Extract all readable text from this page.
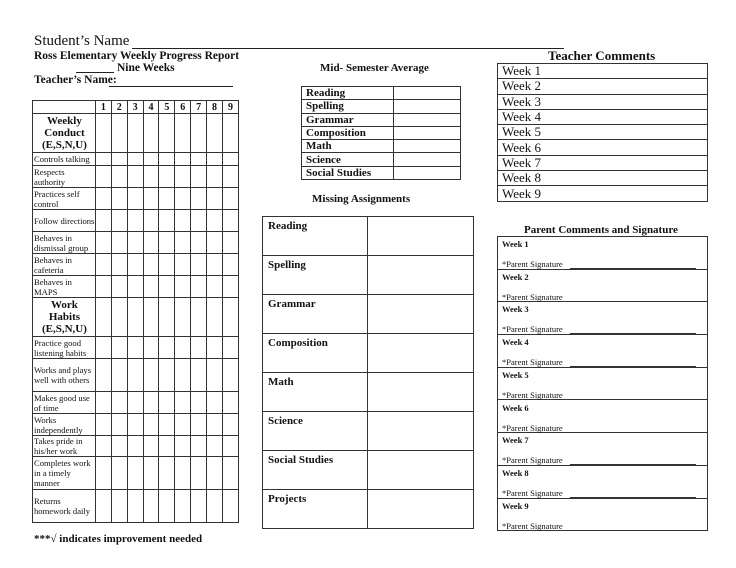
Student’s Name
Ross Elementary Weekly Progress Report
Nine Weeks
Teacher’s Name:
	1	2	3	4	5	6	7	8	9

Weekly
Conduct
(E,S,N,U)									

Controls talking									
Respects authority									
Practices self control									
Follow directions									
Behaves in dismissal group									
Behaves in cafeteria									
Behaves in MAPS									

Work
Habits
(E,S,N,U)									

Practice good listening habits									
Works and plays well with others									
Makes good use of time									
Works independently									
Takes pride in his/her work									
Completes work in a timely manner									
Returns homework daily									
***√ indicates improvement needed
Mid- Semester Average
Reading	
Spelling	
Grammar	
Composition	
Math	
Science	
Social Studies	
Missing Assignments
Reading	
Spelling	
Grammar	
Composition	
Math	
Science	
Social Studies	
Projects	
Teacher Comments
Week 1
Week 2
Week 3
Week 4
Week 5
Week 6
Week 7
Week 8
Week 9
Parent Comments and Signature
Week 1
*Parent Signature
Week 2
*Parent Signature
Week 3
*Parent Signature
Week 4
*Parent Signature
Week 5
*Parent Signature
Week 6
*Parent Signature
Week 7
*Parent Signature
Week 8
*Parent Signature
Week 9
*Parent Signature
